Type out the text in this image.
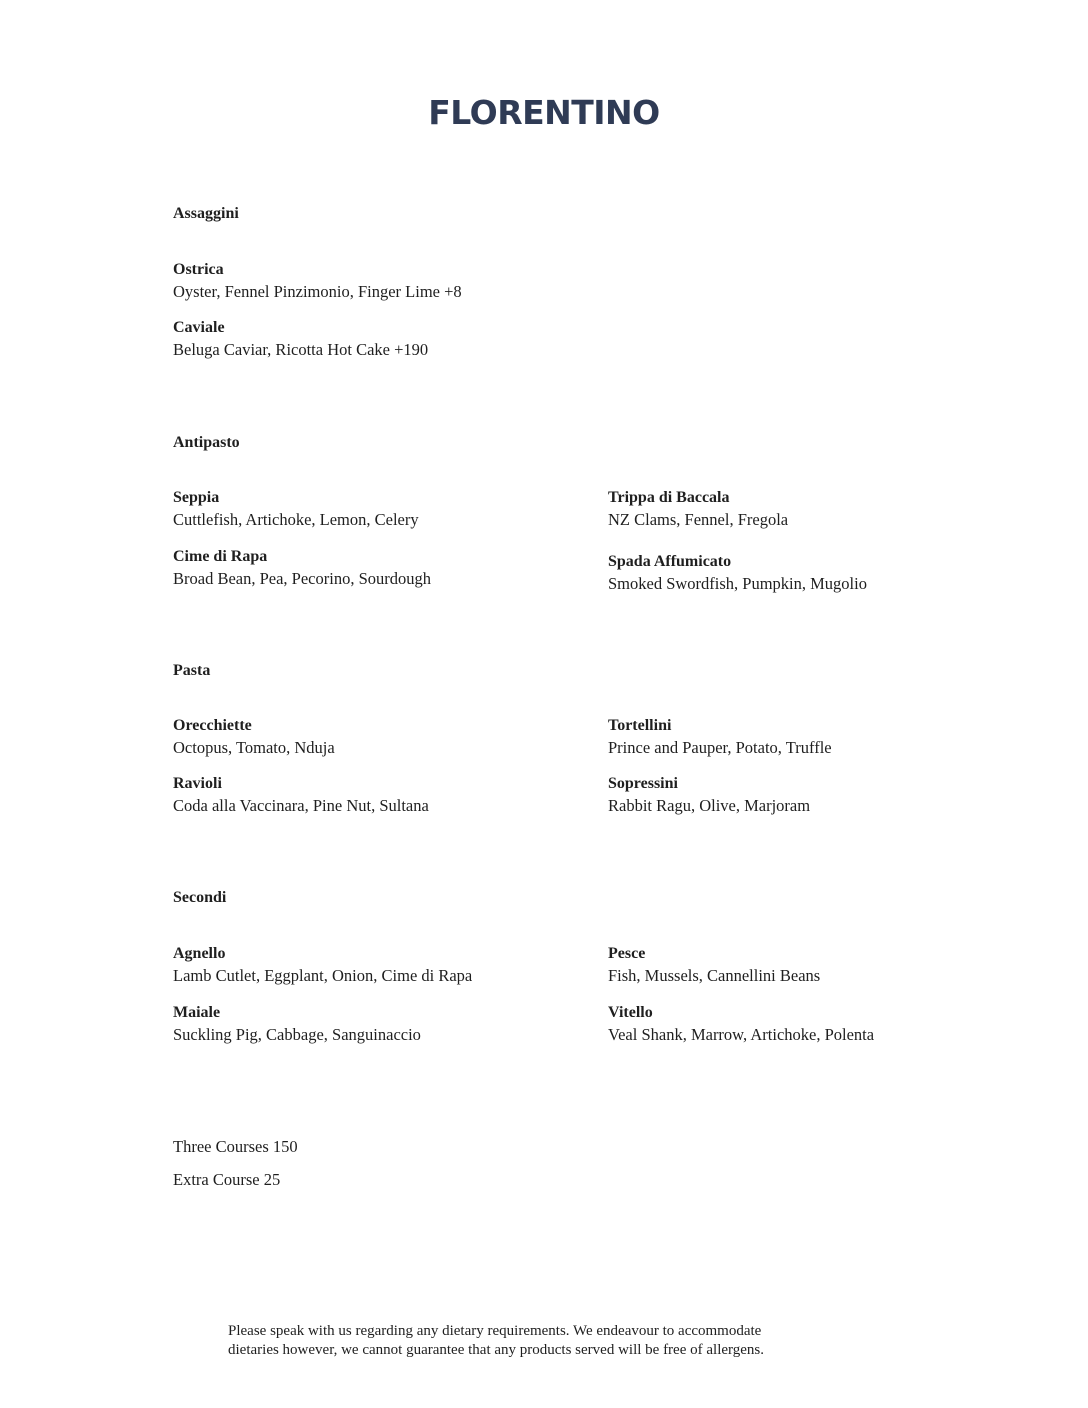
FLORENTINO
Assaggini
Ostrica
Oyster, Fennel Pinzimonio, Finger Lime +8
Caviale
Beluga Caviar, Ricotta Hot Cake +190
Antipasto
Seppia
Cuttlefish, Artichoke, Lemon, Celery
Cime di Rapa
Broad Bean, Pea, Pecorino, Sourdough
Trippa di Baccala
NZ Clams, Fennel, Fregola
Spada Affumicato
Smoked Swordfish, Pumpkin, Mugolio
Pasta
Orecchiette
Octopus, Tomato, Nduja
Ravioli
Coda alla Vaccinara, Pine Nut, Sultana
Tortellini
Prince and Pauper, Potato, Truffle
Sopressini
Rabbit Ragu, Olive, Marjoram
Secondi
Agnello
Lamb Cutlet, Eggplant, Onion, Cime di Rapa
Maiale
Suckling Pig, Cabbage, Sanguinaccio
Pesce
Fish, Mussels, Cannellini Beans
Vitello
Veal Shank, Marrow, Artichoke, Polenta
Three Courses 150
Extra Course 25
Please speak with us regarding any dietary requirements. We endeavour to accommodate
dietaries however, we cannot guarantee that any products served will be free of allergens.
